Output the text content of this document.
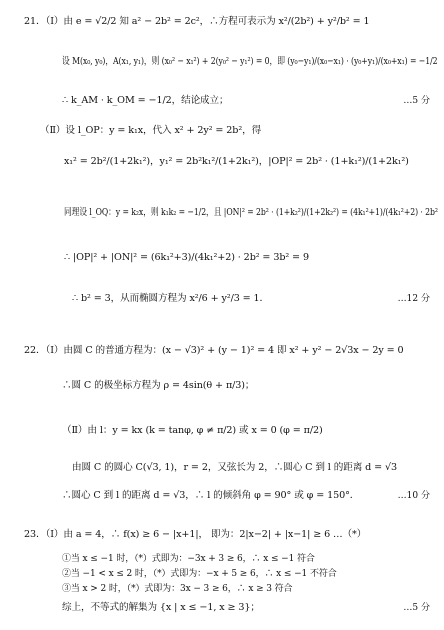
21．（Ⅰ）由 e = √2/2 知 a² − 2b² = 2c²，∴方程可表示为 x²/(2b²) + y²/b² = 1
设 M(x₀, y₀)，A(x₁, y₁)，则 (x₀² − x₁²) + 2(y₀² − y₁²) = 0，即 (y₀−y₁)/(x₀−x₁) · (y₀+y₁)/(x₀+x₁) = −1/2
∴ k_AM · k_OM = −1/2，结论成立；	…5 分
（Ⅱ）设 l_OP：y = k₁x，代入 x² + 2y² = 2b²，得
x₁² = 2b²/(1+2k₁²)，y₁² = 2b²k₁²/(1+2k₁²)，|OP|² = 2b² · (1+k₁²)/(1+2k₁²)
同理设 l_OQ：y = k₂x，则 k₁k₂ = −1/2，且 |ON|² = 2b² · (1+k₂²)/(1+2k₂²) = (4k₁²+1)/(4k₁²+2) · 2b²
∴ |OP|² + |ON|² = (6k₁²+3)/(4k₁²+2) · 2b² = 3b² = 9
∴ b² = 3，从而椭圆方程为 x²/6 + y²/3 = 1．	…12 分
22．（Ⅰ）由圆 C 的普通方程为：(x − √3)² + (y − 1)² = 4 即 x² + y² − 2√3x − 2y = 0
∴圆 C 的极坐标方程为 ρ = 4sin(θ + π/3)；
（Ⅱ）由 l：y = kx (k = tanφ, φ ≠ π/2) 或 x = 0 (φ = π/2)
由圆 C 的圆心 C(√3, 1)，r = 2，又弦长为 2，∴圆心 C 到 l 的距离 d = √3
∴圆心 C 到 l 的距离 d = √3，∴ l 的倾斜角 φ = 90° 或 φ = 150°．	…10 分
23．（Ⅰ）由 a = 4，∴ f(x) ≥ 6 − |x+1|， 即为：2|x−2| + |x−1| ≥ 6 …（*）
①当 x ≤ −1 时，（*）式即为：−3x + 3 ≥ 6，∴ x ≤ −1 符合
②当 −1 < x ≤ 2 时，（*）式即为：−x + 5 ≥ 6，∴ x ≤ −1 不符合
③当 x > 2 时，（*）式即为：3x − 3 ≥ 6，∴ x ≥ 3 符合
综上，不等式的解集为 {x | x ≤ −1, x ≥ 3}；	…5 分
